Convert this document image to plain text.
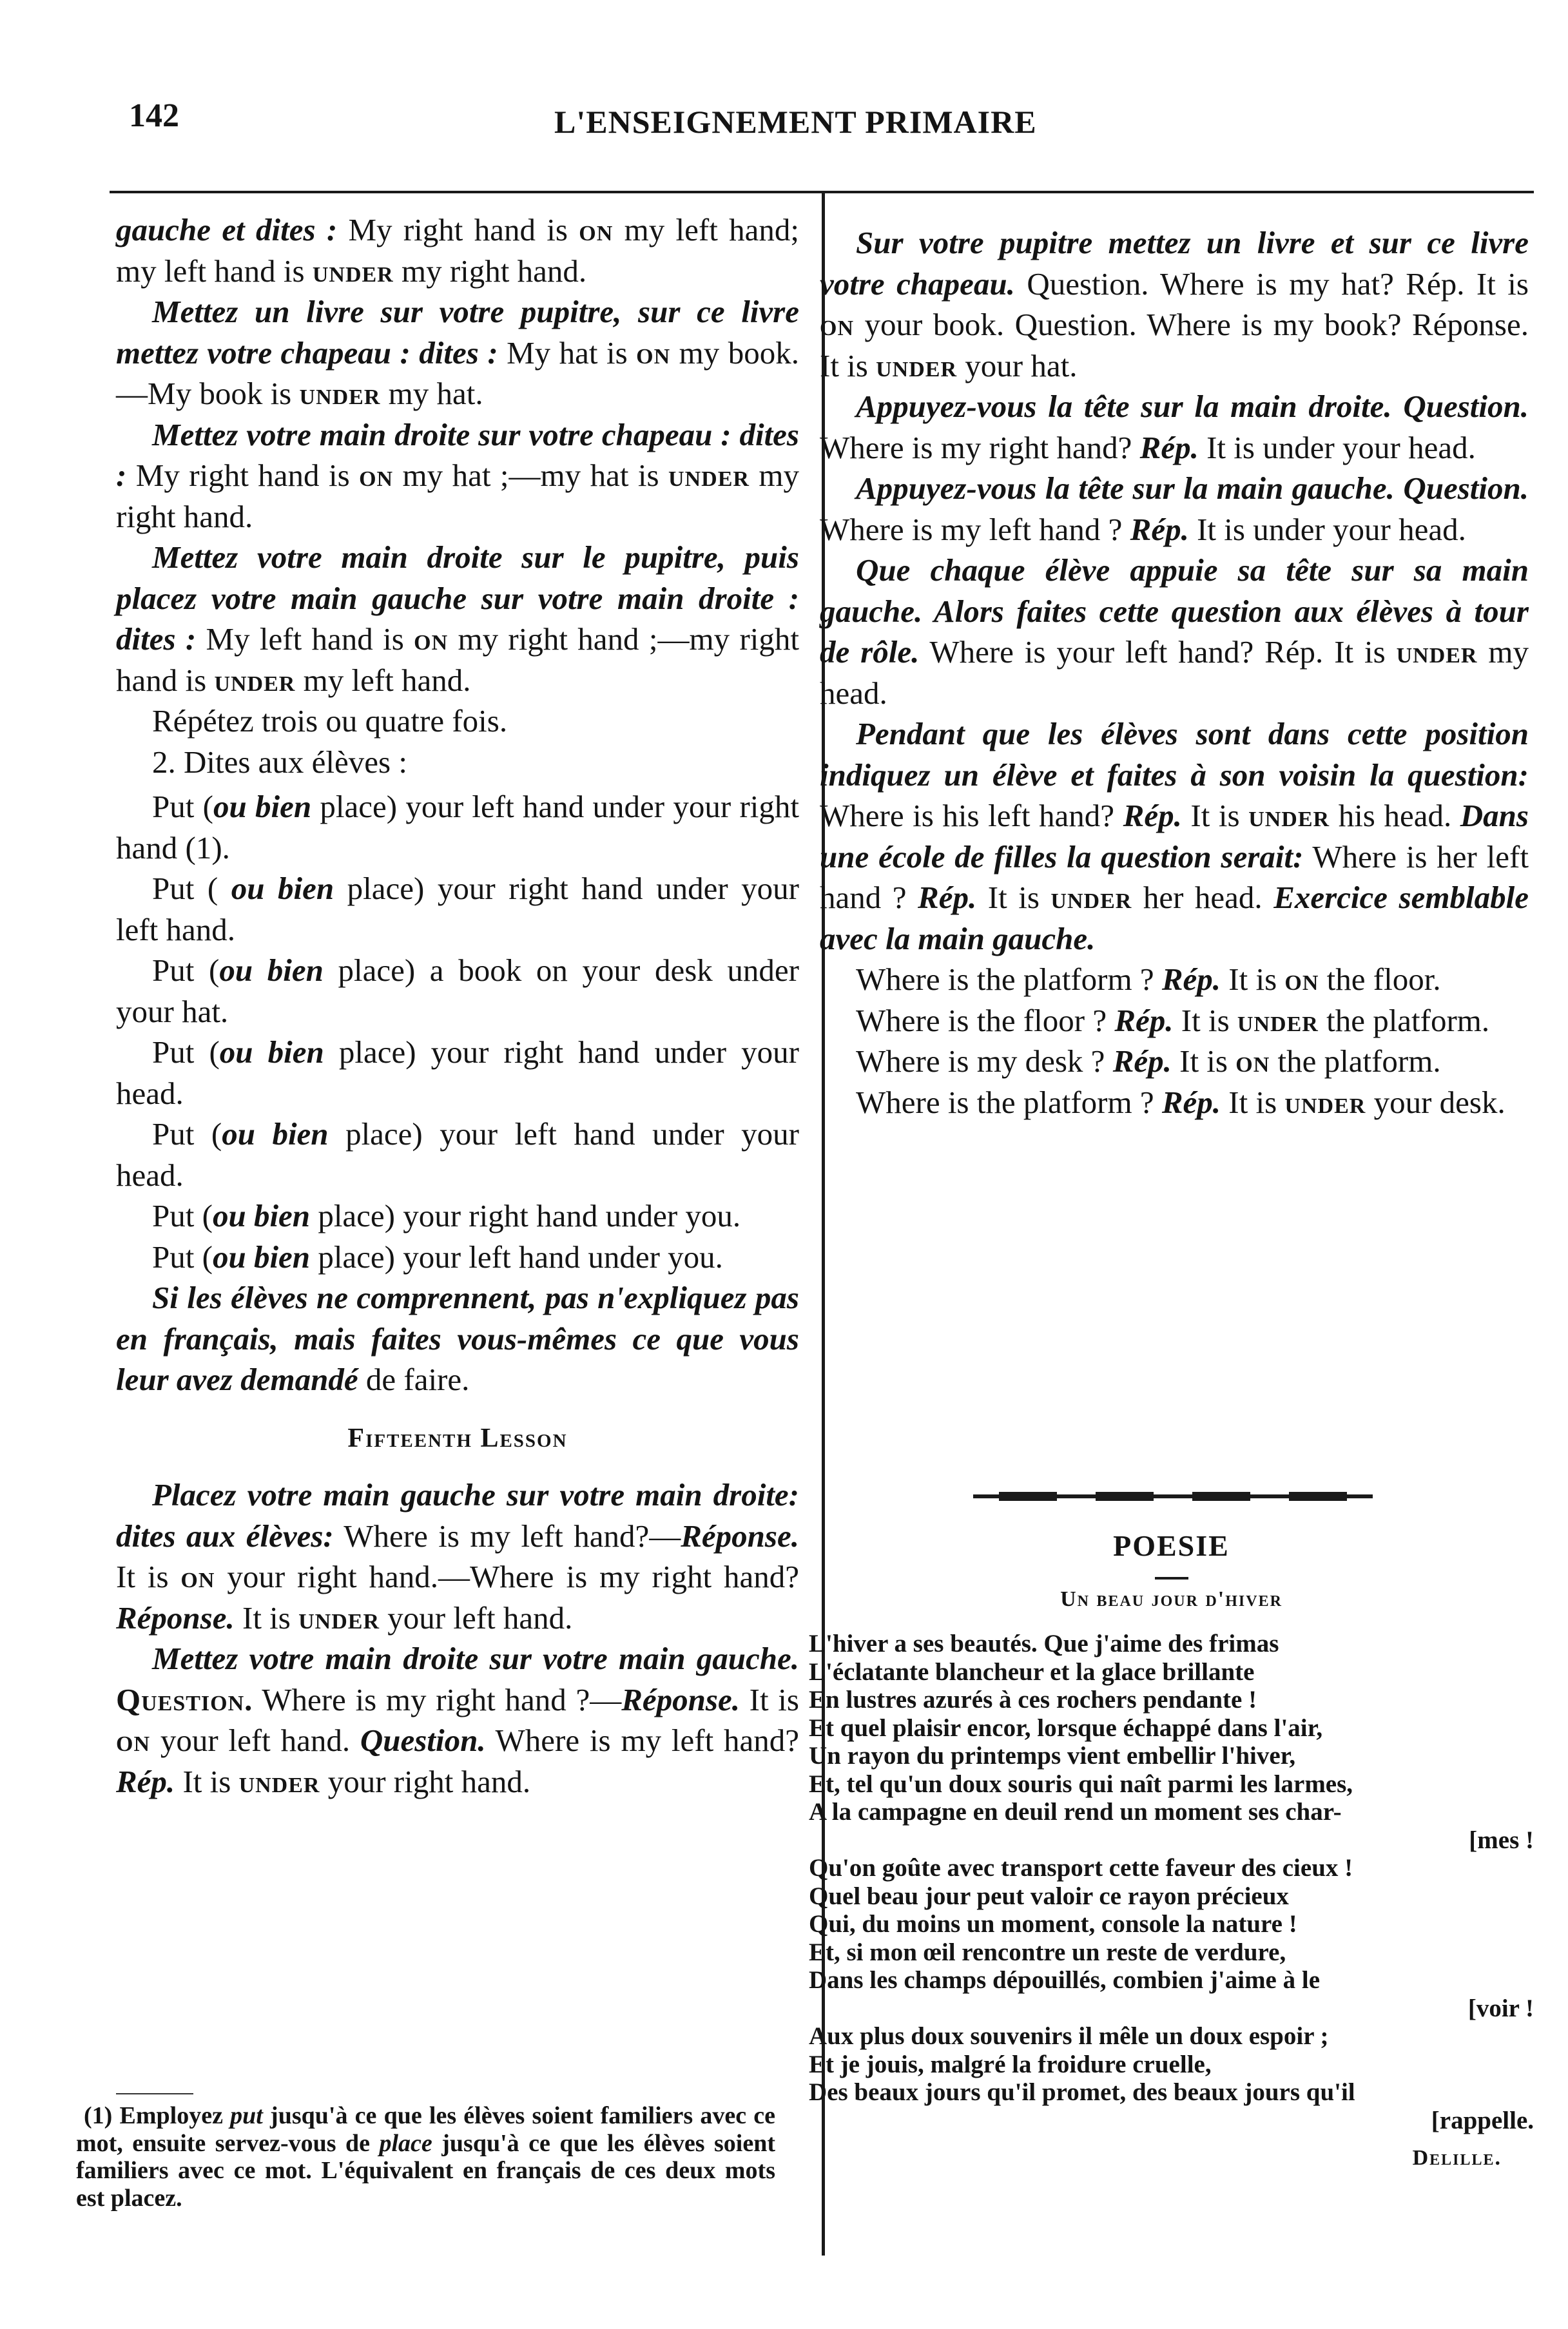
142	L'ENSEIGNEMENT PRIMAIRE

gauche et dites : My right hand is on my left hand; my left hand is under my right hand.

Mettez un livre sur votre pupitre, sur ce livre mettez votre chapeau : dites : My hat is on my book.—My book is under my hat.

Mettez votre main droite sur votre chapeau : dites : My right hand is on my hat ;—my hat is under my right hand.

Mettez votre main droite sur le pupitre, puis placez votre main gauche sur votre main droite : dites : My left hand is on my right hand ;—my right hand is under my left hand.

Répétez trois ou quatre fois.

2. Dites aux élèves :

Put (ou bien place) your left hand under your right hand (1).

Put ( ou bien place) your right hand under your left hand.

Put (ou bien place) a book on your desk under your hat.

Put (ou bien place) your right hand under your head.

Put (ou bien place) your left hand under your head.

Put (ou bien place) your right hand under you.

Put (ou bien place) your left hand under you.

Si les élèves ne comprennent, pas n'expliquez pas en français, mais faites vous-mêmes ce que vous leur avez demandé de faire.

Fifteenth Lesson

Placez votre main gauche sur votre main droite: dites aux élèves: Where is my left hand?—Réponse. It is on your right hand.—Where is my right hand? Réponse. It is under your left hand.

Mettez votre main droite sur votre main gauche. Question. Where is my right hand ?—Réponse. It is on your left hand. Question. Where is my left hand? Rép. It is under your right hand.

(1) Employez put jusqu'à ce que les élèves soient familiers avec ce mot, ensuite servez-vous de place jusqu'à ce que les élèves soient familiers avec ce mot. L'équivalent en français de ces deux mots est placez.

Sur votre pupitre mettez un livre et sur ce livre votre chapeau. Question. Where is my hat? Rép. It is on your book. Question. Where is my book? Réponse. It is under your hat.

Appuyez-vous la tête sur la main droite. Question. Where is my right hand? Rép. It is under your head.

Appuyez-vous la tête sur la main gauche. Question. Where is my left hand ? Rép. It is under your head.

Que chaque élève appuie sa tête sur sa main gauche. Alors faites cette question aux élèves à tour de rôle. Where is your left hand? Rép. It is under my head.

Pendant que les élèves sont dans cette position indiquez un élève et faites à son voisin la question: Where is his left hand? Rép. It is under his head. Dans une école de filles la question serait: Where is her left hand ? Rép. It is under her head. Exercice semblable avec la main gauche.

Where is the platform ? Rép. It is on the floor.

Where is the floor ? Rép. It is under the platform.

Where is my desk ? Rép. It is on the platform.

Where is the platform ? Rép. It is under your desk.

POESIE
Un beau jour d'hiver
L'hiver a ses beautés. Que j'aime des frimas
L'éclatante blancheur et la glace brillante
En lustres azurés à ces rochers pendante !
Et quel plaisir encor, lorsque échappé dans l'air,
Un rayon du printemps vient embellir l'hiver,
Et, tel qu'un doux souris qui naît parmi les larmes,
A la campagne en deuil rend un moment ses char-
[mes !
Qu'on goûte avec transport cette faveur des cieux !
Quel beau jour peut valoir ce rayon précieux
Qui, du moins un moment, console la nature !
Et, si mon œil rencontre un reste de verdure,
Dans les champs dépouillés, combien j'aime à le
[voir !
Aux plus doux souvenirs il mêle un doux espoir ;
Et je jouis, malgré la froidure cruelle,
Des beaux jours qu'il promet, des beaux jours qu'il
[rappelle.
Delille.
